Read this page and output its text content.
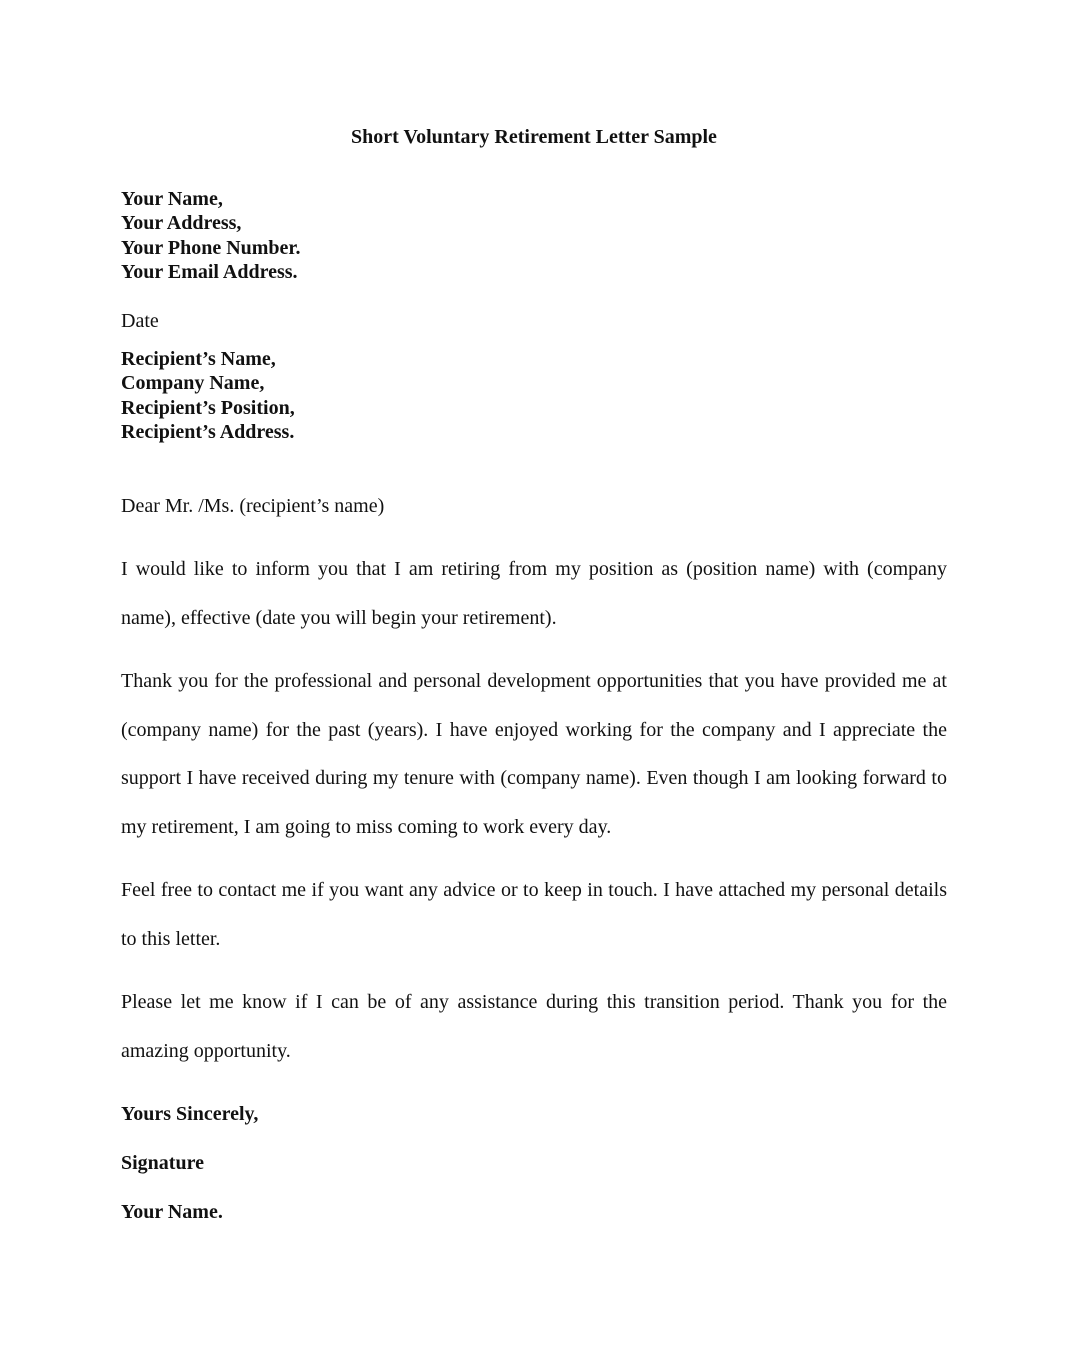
Short Voluntary Retirement Letter Sample
Your Name,
Your Address,
Your Phone Number.
Your Email Address.
Date
Recipient’s Name,
Company Name,
Recipient’s Position,
Recipient’s Address.
Dear Mr. /Ms. (recipient’s name)

I would like to inform you that I am retiring from my position as (position name) with (company name), effective (date you will begin your retirement).

Thank you for the professional and personal development opportunities that you have provided me at (company name) for the past (years). I have enjoyed working for the company and I appreciate the support I have received during my tenure with (company name). Even though I am looking forward to my retirement, I am going to miss coming to work every day.

Feel free to contact me if you want any advice or to keep in touch. I have attached my personal details to this letter.

Please let me know if I can be of any assistance during this transition period. Thank you for the amazing opportunity.

Yours Sincerely,
Signature
Your Name.
